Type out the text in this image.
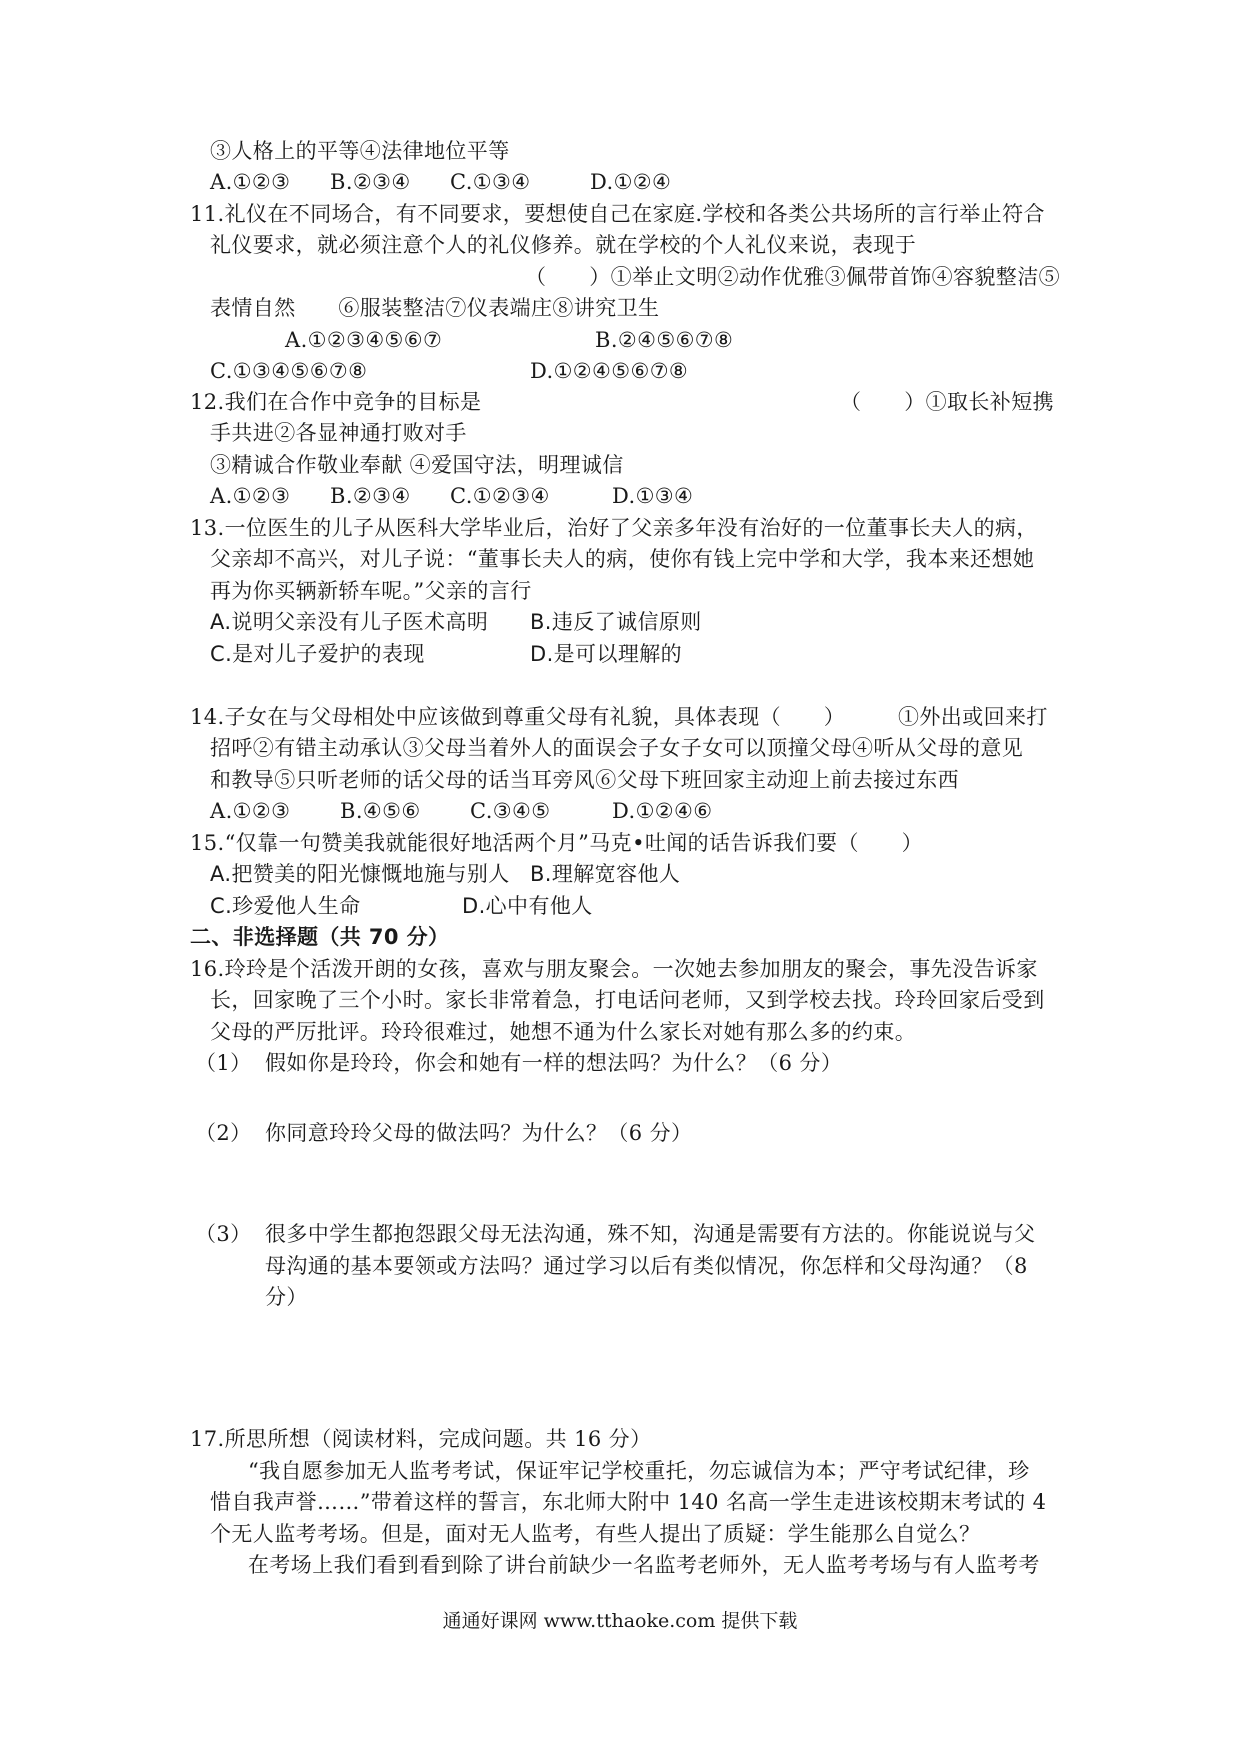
③人格上的平等④法律地位平等
A.①②③ B.②③④ C.①③④	D.①②④
11.礼仪在不同场合，有不同要求，要想使自己在家庭.学校和各类公共场所的言行举止符合
礼仪要求，就必须注意个人的礼仪修养。就在学校的个人礼仪来说，表现于
（　　）①举止文明②动作优雅③佩带首饰④容貌整洁⑤
表情自然　　⑥服装整洁⑦仪表端庄⑧讲究卫生
A.①②③④⑤⑥⑦	B.②④⑤⑥⑦⑧
C.①③④⑤⑥⑦⑧	D.①②④⑤⑥⑦⑧
12.我们在合作中竞争的目标是	（　　）①取长补短携
手共进②各显神通打败对手
③精诚合作敬业奉献 ④爱国守法，明理诚信
A.①②③ B.②③④ C.①②③④	D.①③④
13.一位医生的儿子从医科大学毕业后，治好了父亲多年没有治好的一位董事长夫人的病，
父亲却不高兴，对儿子说：“董事长夫人的病，使你有钱上完中学和大学，我本来还想她
再为你买辆新轿车呢。”父亲的言行
A.说明父亲没有儿子医术高明 B.违反了诚信原则
C.是对儿子爱护的表现	D.是可以理解的
14.子女在与父母相处中应该做到尊重父母有礼貌，具体表现（　　）	①外出或回来打
招呼②有错主动承认③父母当着外人的面误会子女子女可以顶撞父母④听从父母的意见
和教导⑤只听老师的话父母的话当耳旁风⑥父母下班回家主动迎上前去接过东西
A.①②③ B.④⑤⑥ C.③④⑤	D.①②④⑥
15.“仅靠一句赞美我就能很好地活两个月”马克•吐闻的话告诉我们要（　　）
A.把赞美的阳光慷慨地施与别人 B.理解宽容他人
C.珍爱他人生命	D.心中有他人
二、非选择题（共 70 分）
16.玲玲是个活泼开朗的女孩，喜欢与朋友聚会。一次她去参加朋友的聚会，事先没告诉家
长，回家晚了三个小时。家长非常着急，打电话问老师，又到学校去找。玲玲回家后受到
父母的严厉批评。玲玲很难过，她想不通为什么家长对她有那么多的约束。
（1） 假如你是玲玲，你会和她有一样的想法吗？为什么？（6 分）
（2） 你同意玲玲父母的做法吗？为什么？（6 分）
（3） 很多中学生都抱怨跟父母无法沟通，殊不知，沟通是需要有方法的。你能说说与父
母沟通的基本要领或方法吗？通过学习以后有类似情况，你怎样和父母沟通？（8
分）
17.所思所想（阅读材料，完成问题。共 16 分）
“我自愿参加无人监考考试，保证牢记学校重托，勿忘诚信为本；严守考试纪律，珍
惜自我声誉……”带着这样的誓言，东北师大附中 140 名高一学生走进该校期末考试的 4
个无人监考考场。但是，面对无人监考，有些人提出了质疑：学生能那么自觉么？
在考场上我们看到看到除了讲台前缺少一名监考老师外，无人监考考场与有人监考考
通通好课网 www.tthaoke.com 提供下载
